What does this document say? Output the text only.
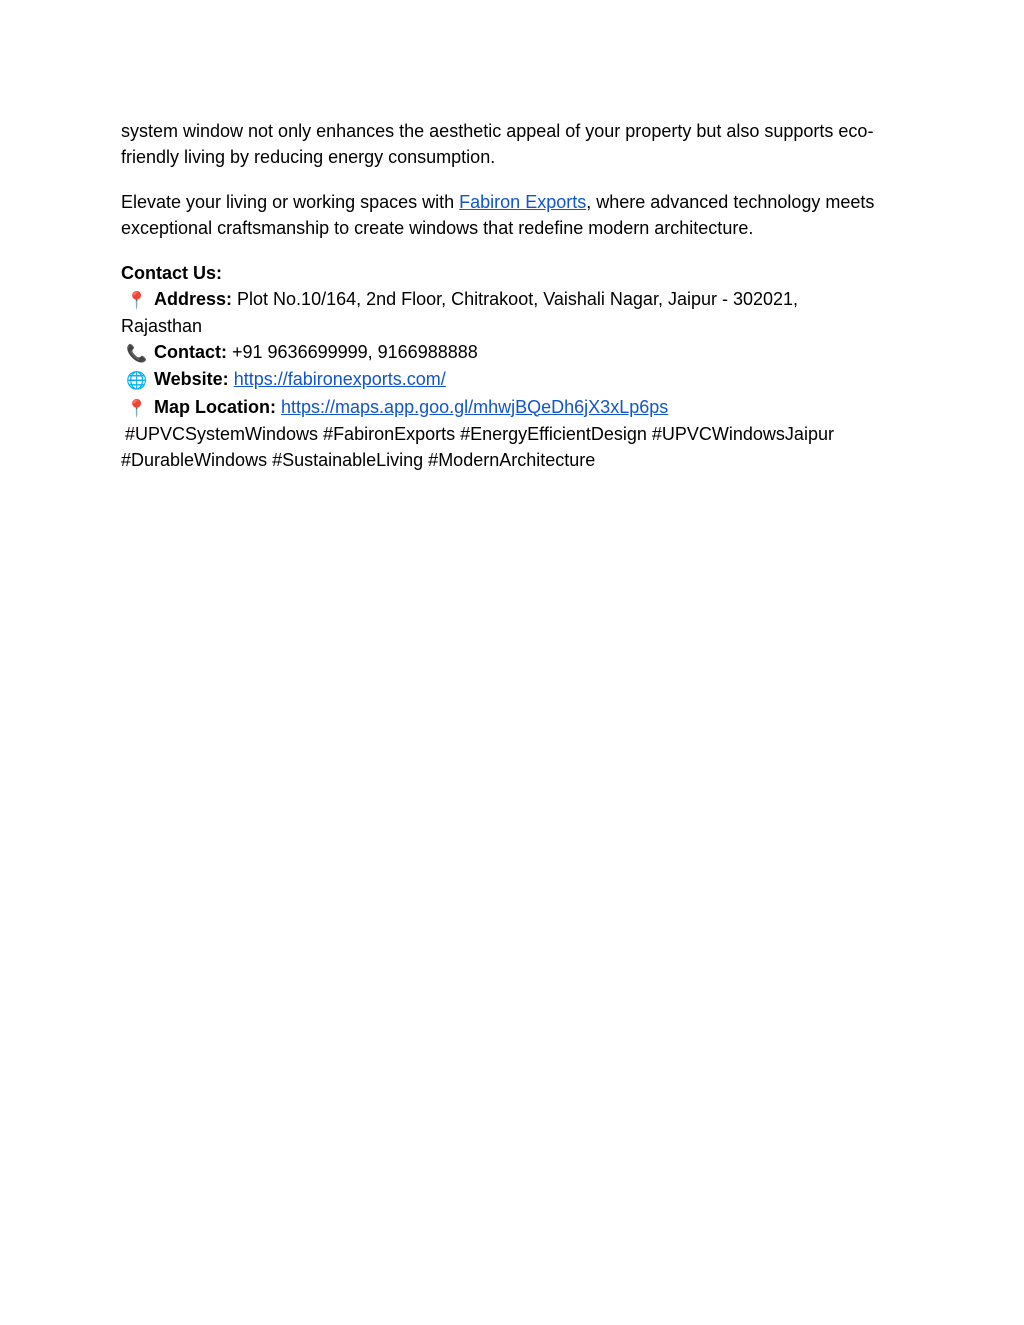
system window not only enhances the aesthetic appeal of your property but also supports eco-friendly living by reducing energy consumption.

Elevate your living or working spaces with Fabiron Exports, where advanced technology meets exceptional craftsmanship to create windows that redefine modern architecture.

Contact Us:
📍 Address: Plot No.10/164, 2nd Floor, Chitrakoot, Vaishali Nagar, Jaipur - 302021,
Rajasthan
📞 Contact: +91 9636699999, 9166988888
🌐 Website: https://fabironexports.com/
📍 Map Location: https://maps.app.goo.gl/mhwjBQeDh6jX3xLp6ps
#UPVCSystemWindows #FabironExports #EnergyEfficientDesign #UPVCWindowsJaipur
#DurableWindows #SustainableLiving #ModernArchitecture
